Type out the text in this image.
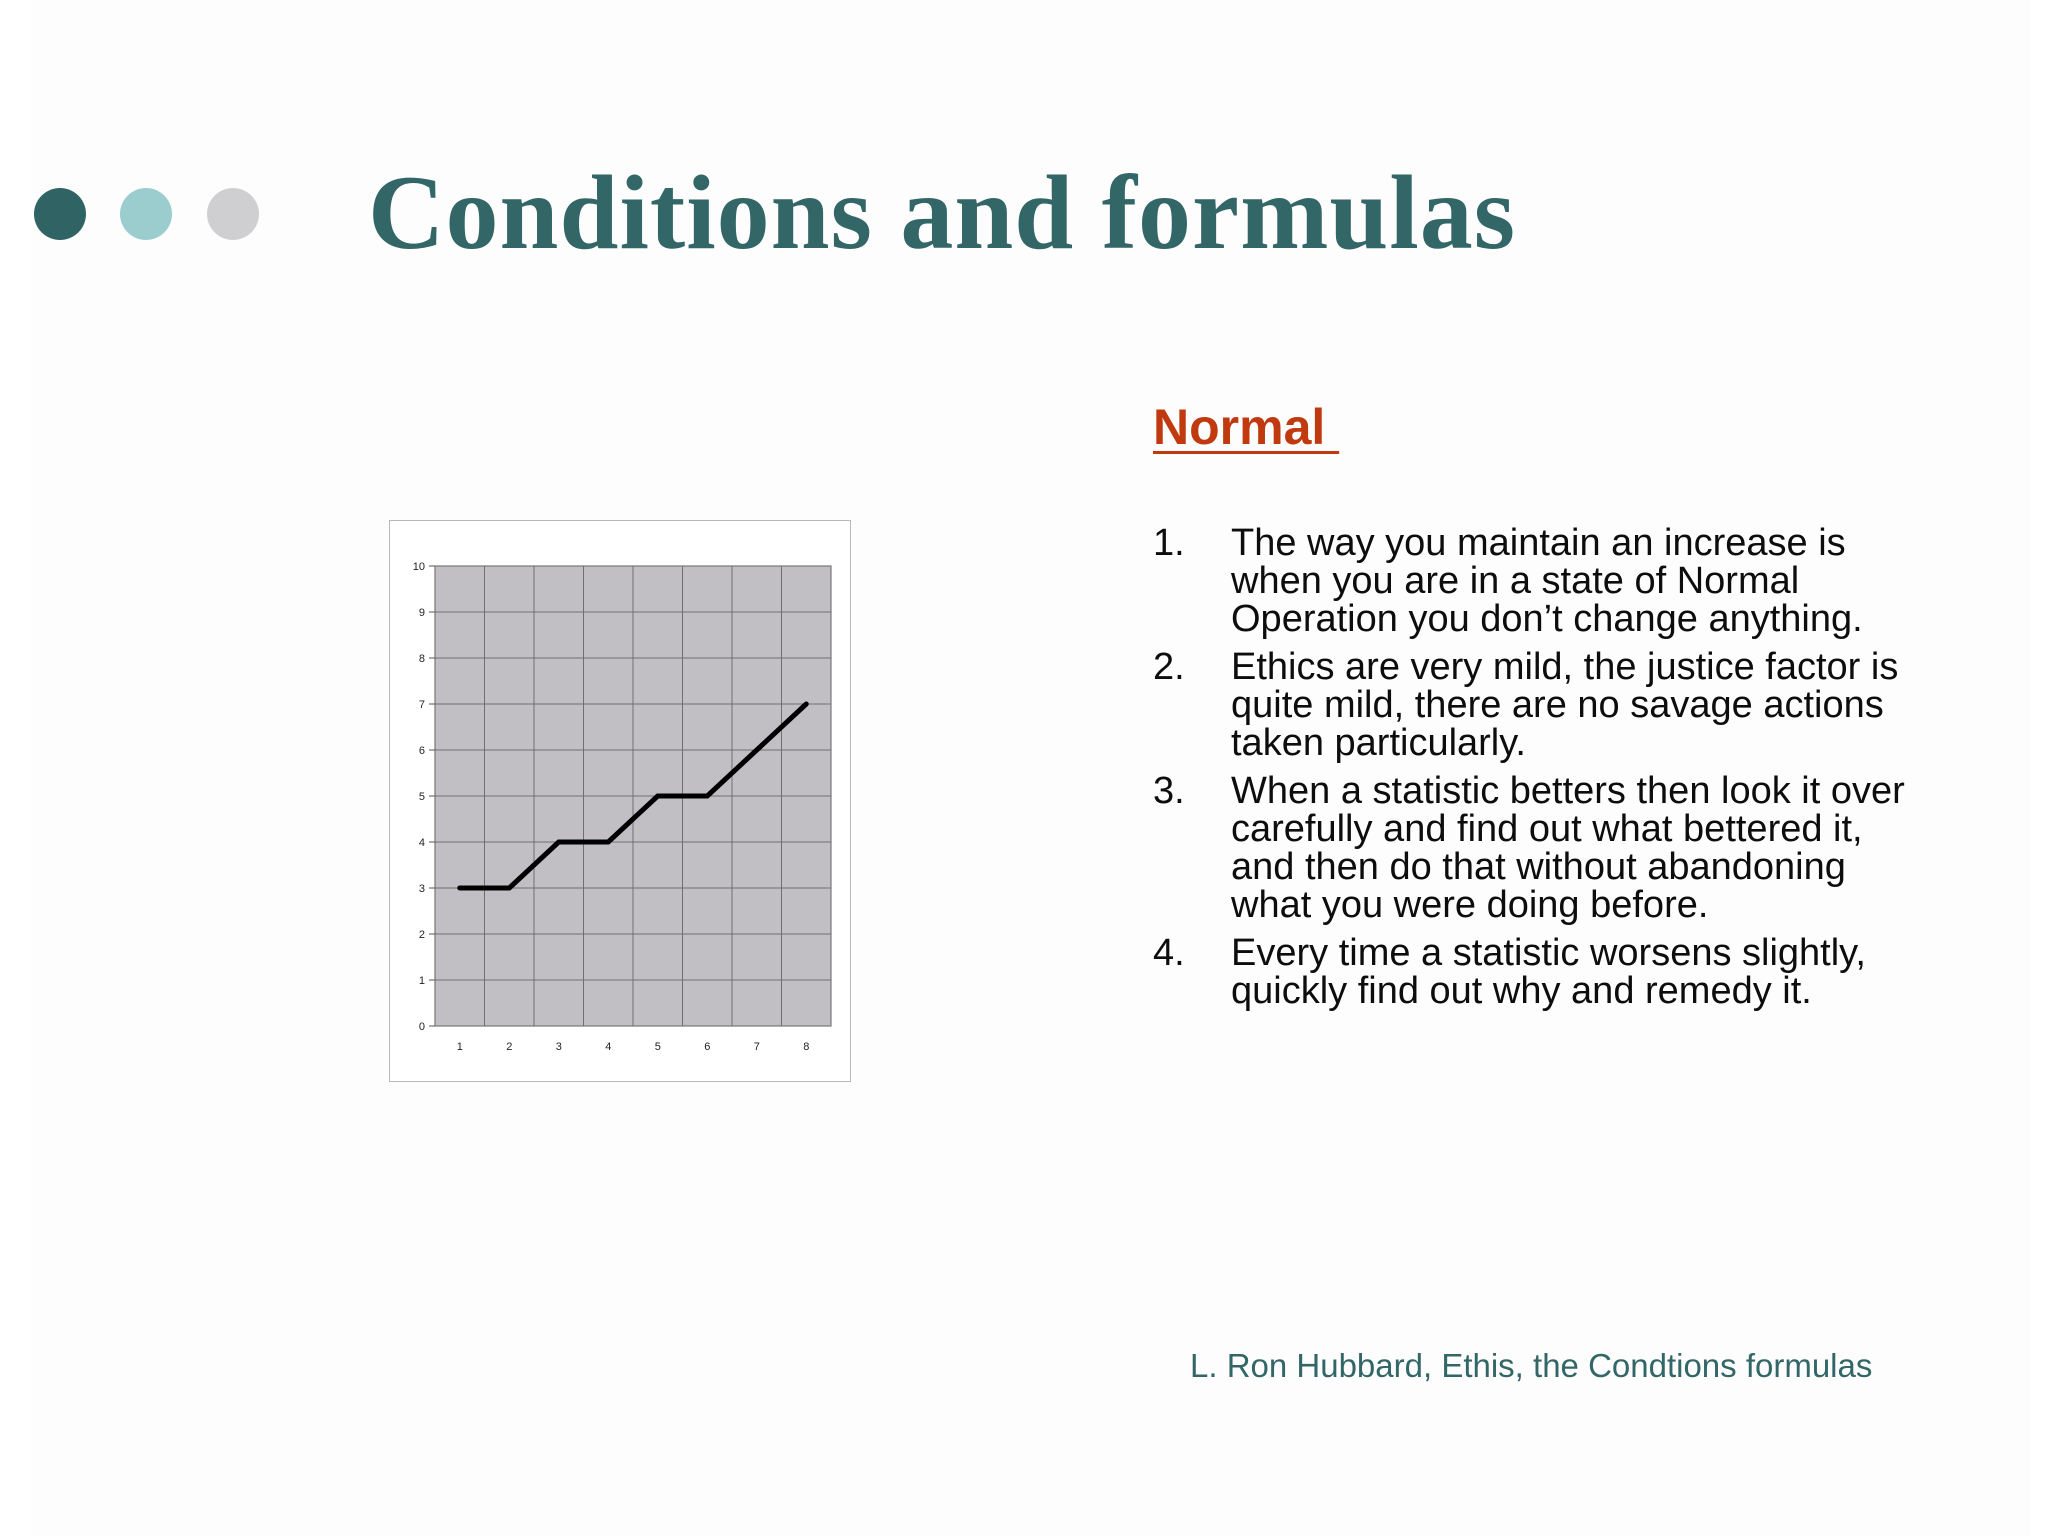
Conditions and formulas
0
1
2
3
4
5
6
7
8
9
10
1	2	3	4	5	6	7	8
Normal
1.	The way you maintain an increase is when you are in a state of Normal Operation you don’t change anything.
2.	Ethics are very mild, the justice factor is quite mild, there are no savage actions taken particularly.
3.	When a statistic betters then look it over carefully and find out what bettered it, and then do that without abandoning what you were doing before.
4.	Every time a statistic worsens slightly, quickly find out why and remedy it.
L. Ron Hubbard, Ethis, the Condtions formulas
